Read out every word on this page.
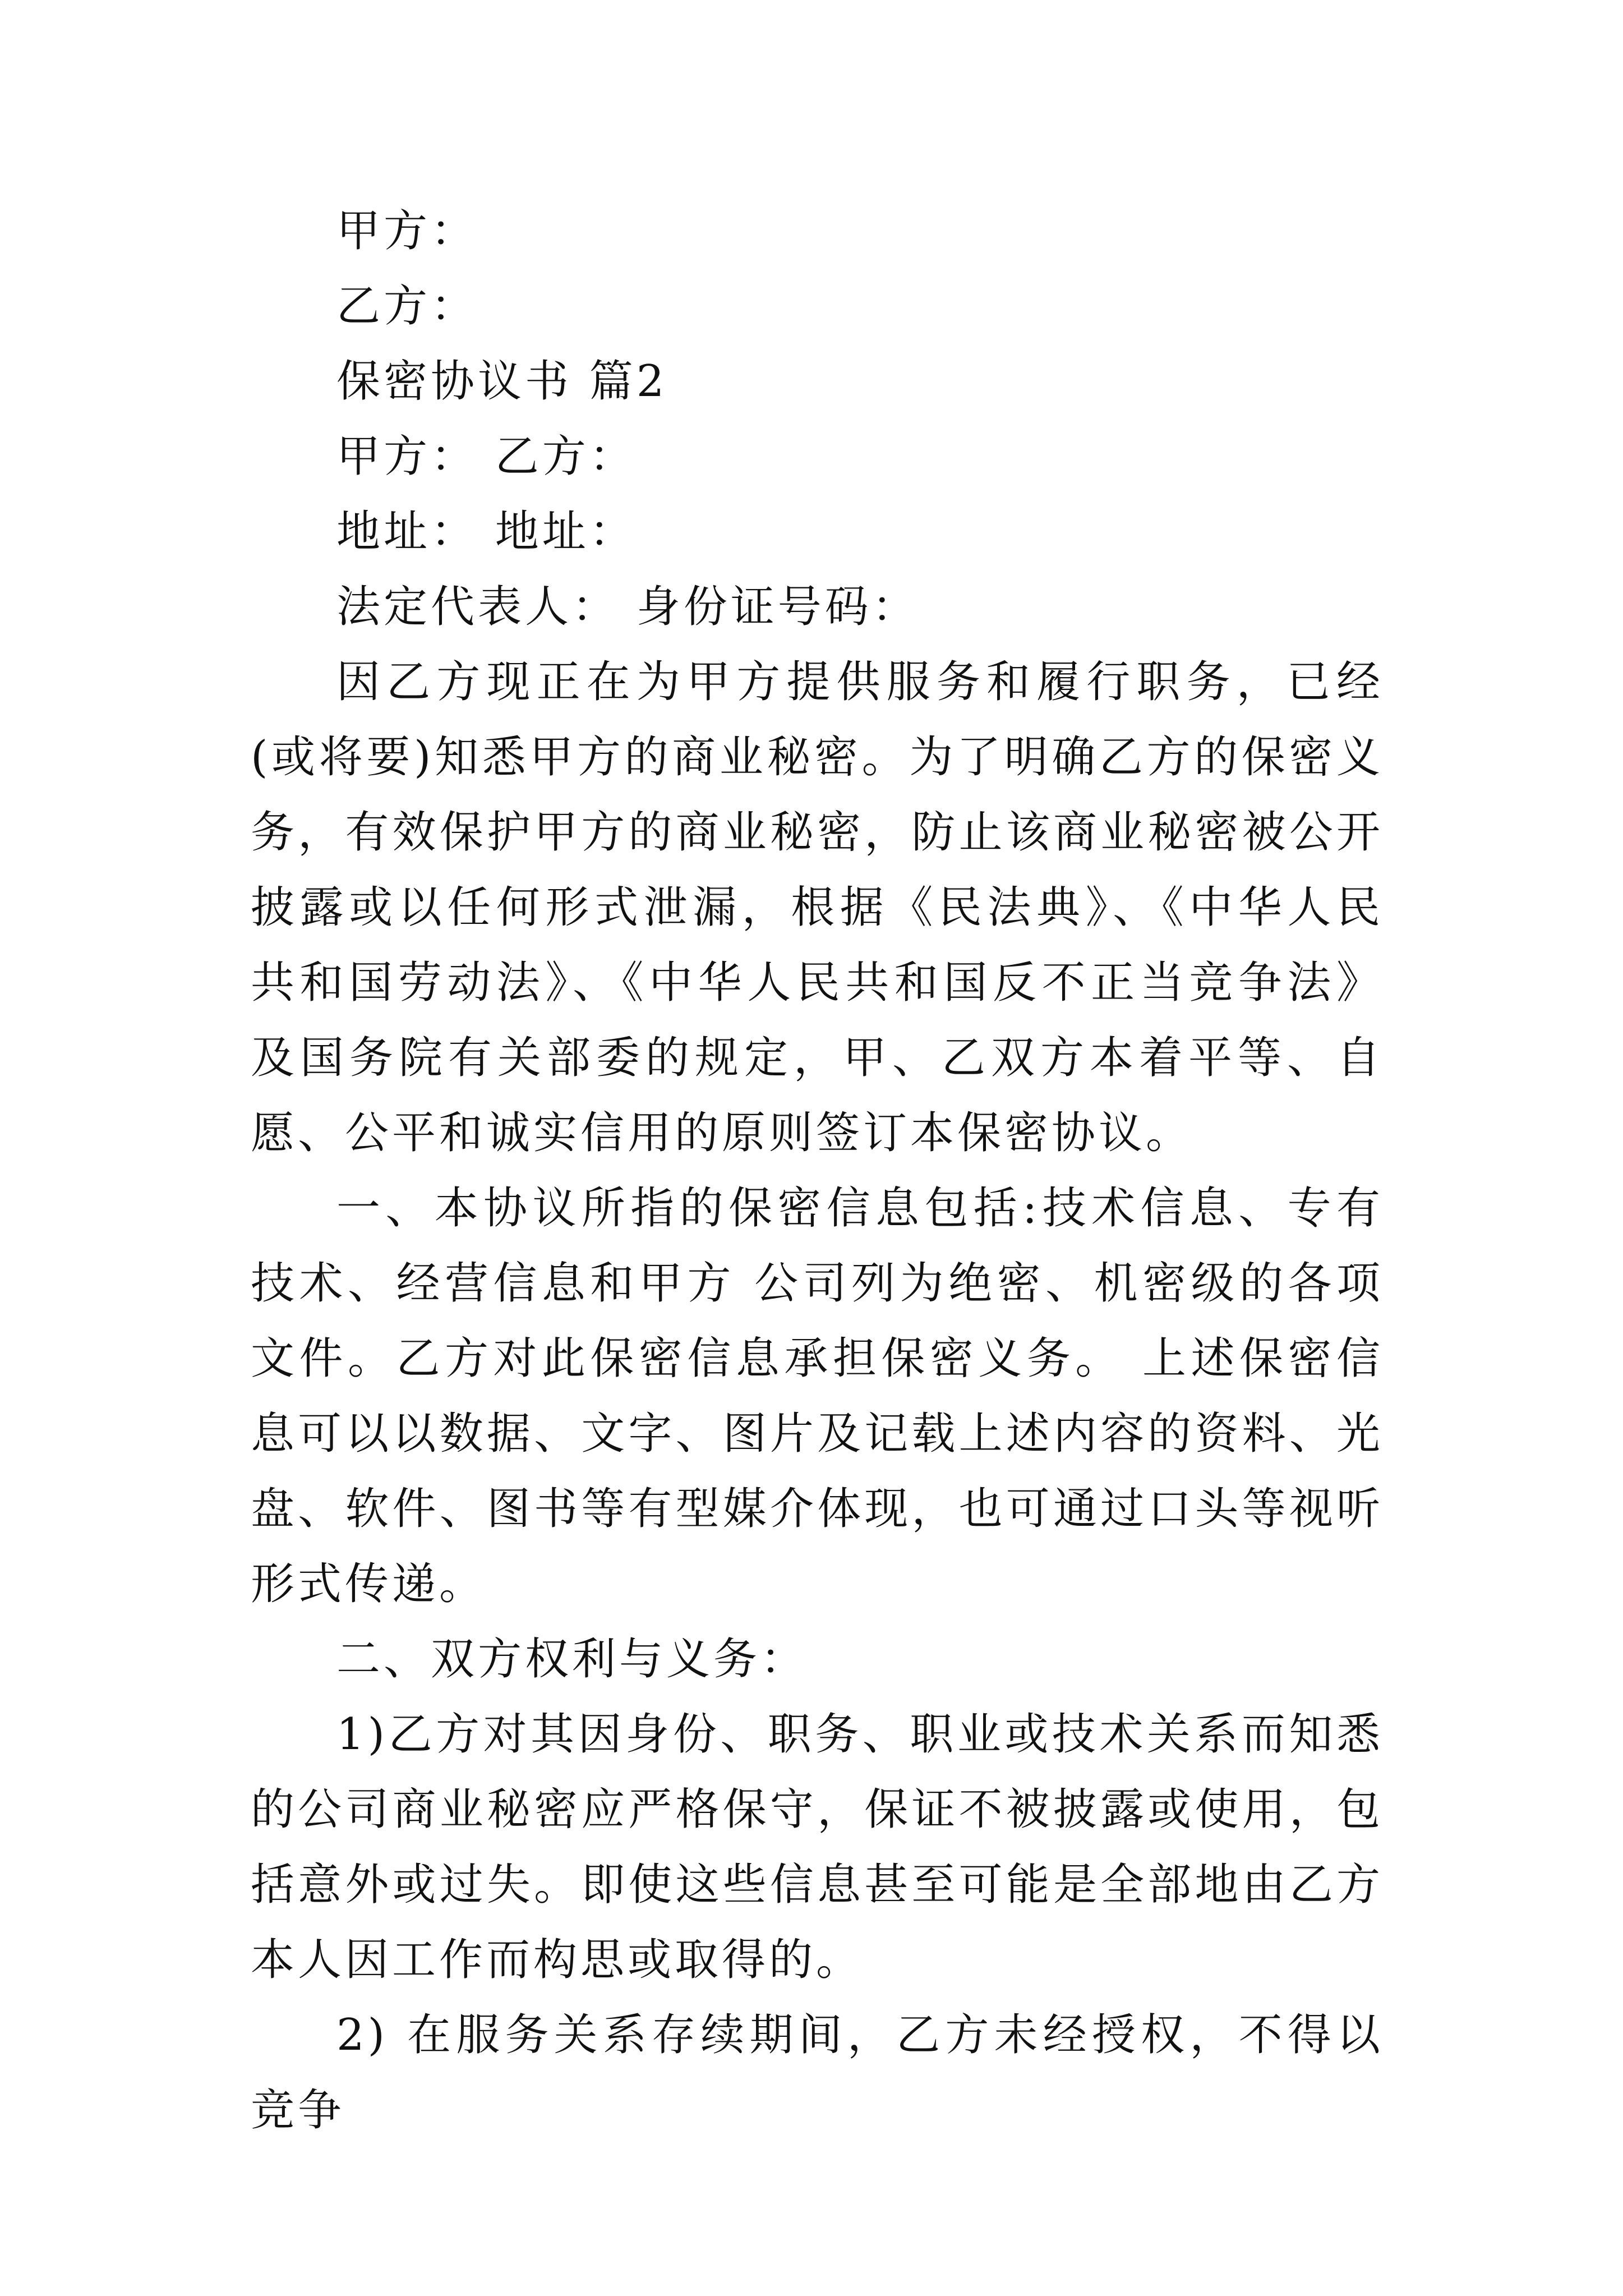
甲方：

乙方：

保密协议书 篇2

甲方： 乙方：

地址： 地址：

法定代表人： 身份证号码：

因乙方现正在为甲方提供服务和履行职务，已经(或将要)知悉甲方的商业秘密。为了明确乙方的保密义务，有效保护甲方的商业秘密，防止该商业秘密被公开披露或以任何形式泄漏，根据《民法典》、《中华人民共和国劳动法》、《中华人民共和国反不正当竞争法》及国务院有关部委的规定，甲、乙双方本着平等、自愿、公平和诚实信用的原则签订本保密协议。

一、本协议所指的保密信息包括:技术信息、专有技术、经营信息和甲方 公司列为绝密、机密级的各项文件。乙方对此保密信息承担保密义务。 上述保密信息可以以数据、文字、图片及记载上述内容的资料、光盘、软件、图书等有型媒介体现，也可通过口头等视听形式传递。

二、双方权利与义务：

1)乙方对其因身份、职务、职业或技术关系而知悉的公司商业秘密应严格保守，保证不被披露或使用，包括意外或过失。即使这些信息甚至可能是全部地由乙方本人因工作而构思或取得的。

2) 在服务关系存续期间，乙方未经授权，不得以竞争
